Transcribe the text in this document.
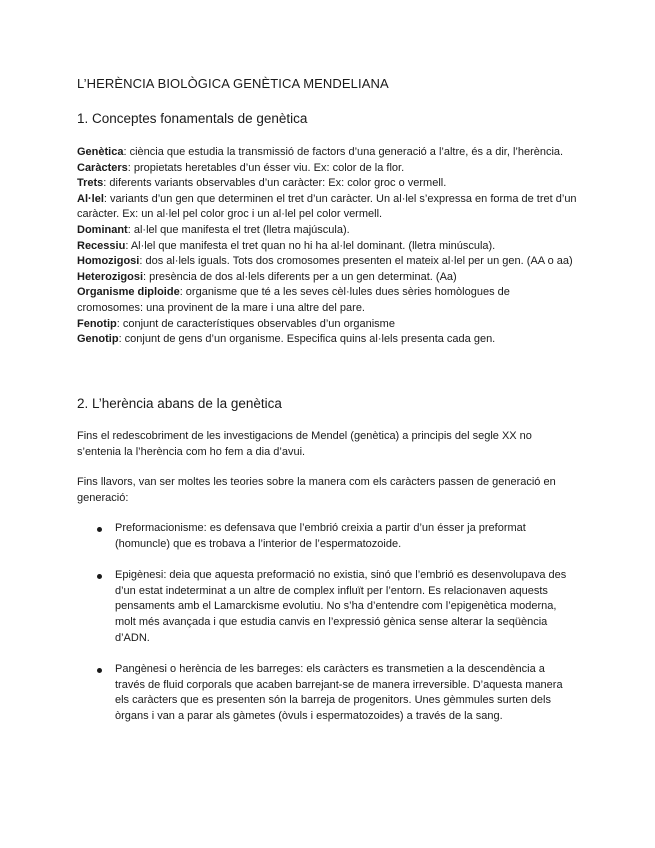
L’HERÈNCIA BIOLÒGICA GENÈTICA MENDELIANA
1. Conceptes fonamentals de genètica
Genètica: ciència que estudia la transmissió de factors d’una generació a l’altre, és a dir, l’herència.
Caràcters: propietats heretables d’un ésser viu. Ex: color de la flor.
Trets: diferents variants observables d’un caràcter: Ex: color groc o vermell.
Al·lel: variants d’un gen que determinen el tret d’un caràcter. Un al·lel s’expressa en forma de tret d’un caràcter. Ex: un al·lel pel color groc i un al·lel pel color vermell.
Dominant: al·lel que manifesta el tret (lletra majúscula).
Recessiu: Al·lel que manifesta el tret quan no hi ha al·lel dominant. (lletra minúscula).
Homozigosi: dos al·lels iguals. Tots dos cromosomes presenten el mateix al·lel per un gen. (AA o aa)
Heterozigosi: presència de dos al·lels diferents per a un gen determinat. (Aa)
Organisme diploide: organisme que té a les seves cèl·lules dues sèries homòlogues de cromosomes: una provinent de la mare i una altre del pare.
Fenotip: conjunt de característiques observables d’un organisme
Genotip: conjunt de gens d’un organisme. Especifica quins al·lels presenta cada gen.
2. L’herència abans de la genètica
Fins el redescobriment de les investigacions de Mendel (genètica) a principis del segle XX no s’entenia la l’herència com ho fem a dia d’avui.
Fins llavors, van ser moltes les teories sobre la manera com els caràcters passen de generació en generació:
Preformacionisme: es defensava que l’embrió creixia a partir d’un ésser ja preformat (homuncle) que es trobava a l’interior de l’espermatozoide.
Epigènesi: deia que aquesta preformació no existia, sinó que l’embrió es desenvolupava des d’un estat indeterminat a un altre de complex influït per l’entorn. Es relacionaven aquests pensaments amb el Lamarckisme evolutiu. No s’ha d’entendre com l’epigenètica moderna, molt més avançada i que estudia canvis en l’expressió gènica sense alterar la seqüència d’ADN.
Pangènesi o herència de les barreges: els caràcters es transmetien a la descendència a través de fluid corporals que acaben barrejant-se de manera irreversible. D’aquesta manera els caràcters que es presenten són la barreja de progenitors. Unes gèmmules surten dels òrgans i van a parar als gàmetes (òvuls i espermatozoides) a través de la sang.
